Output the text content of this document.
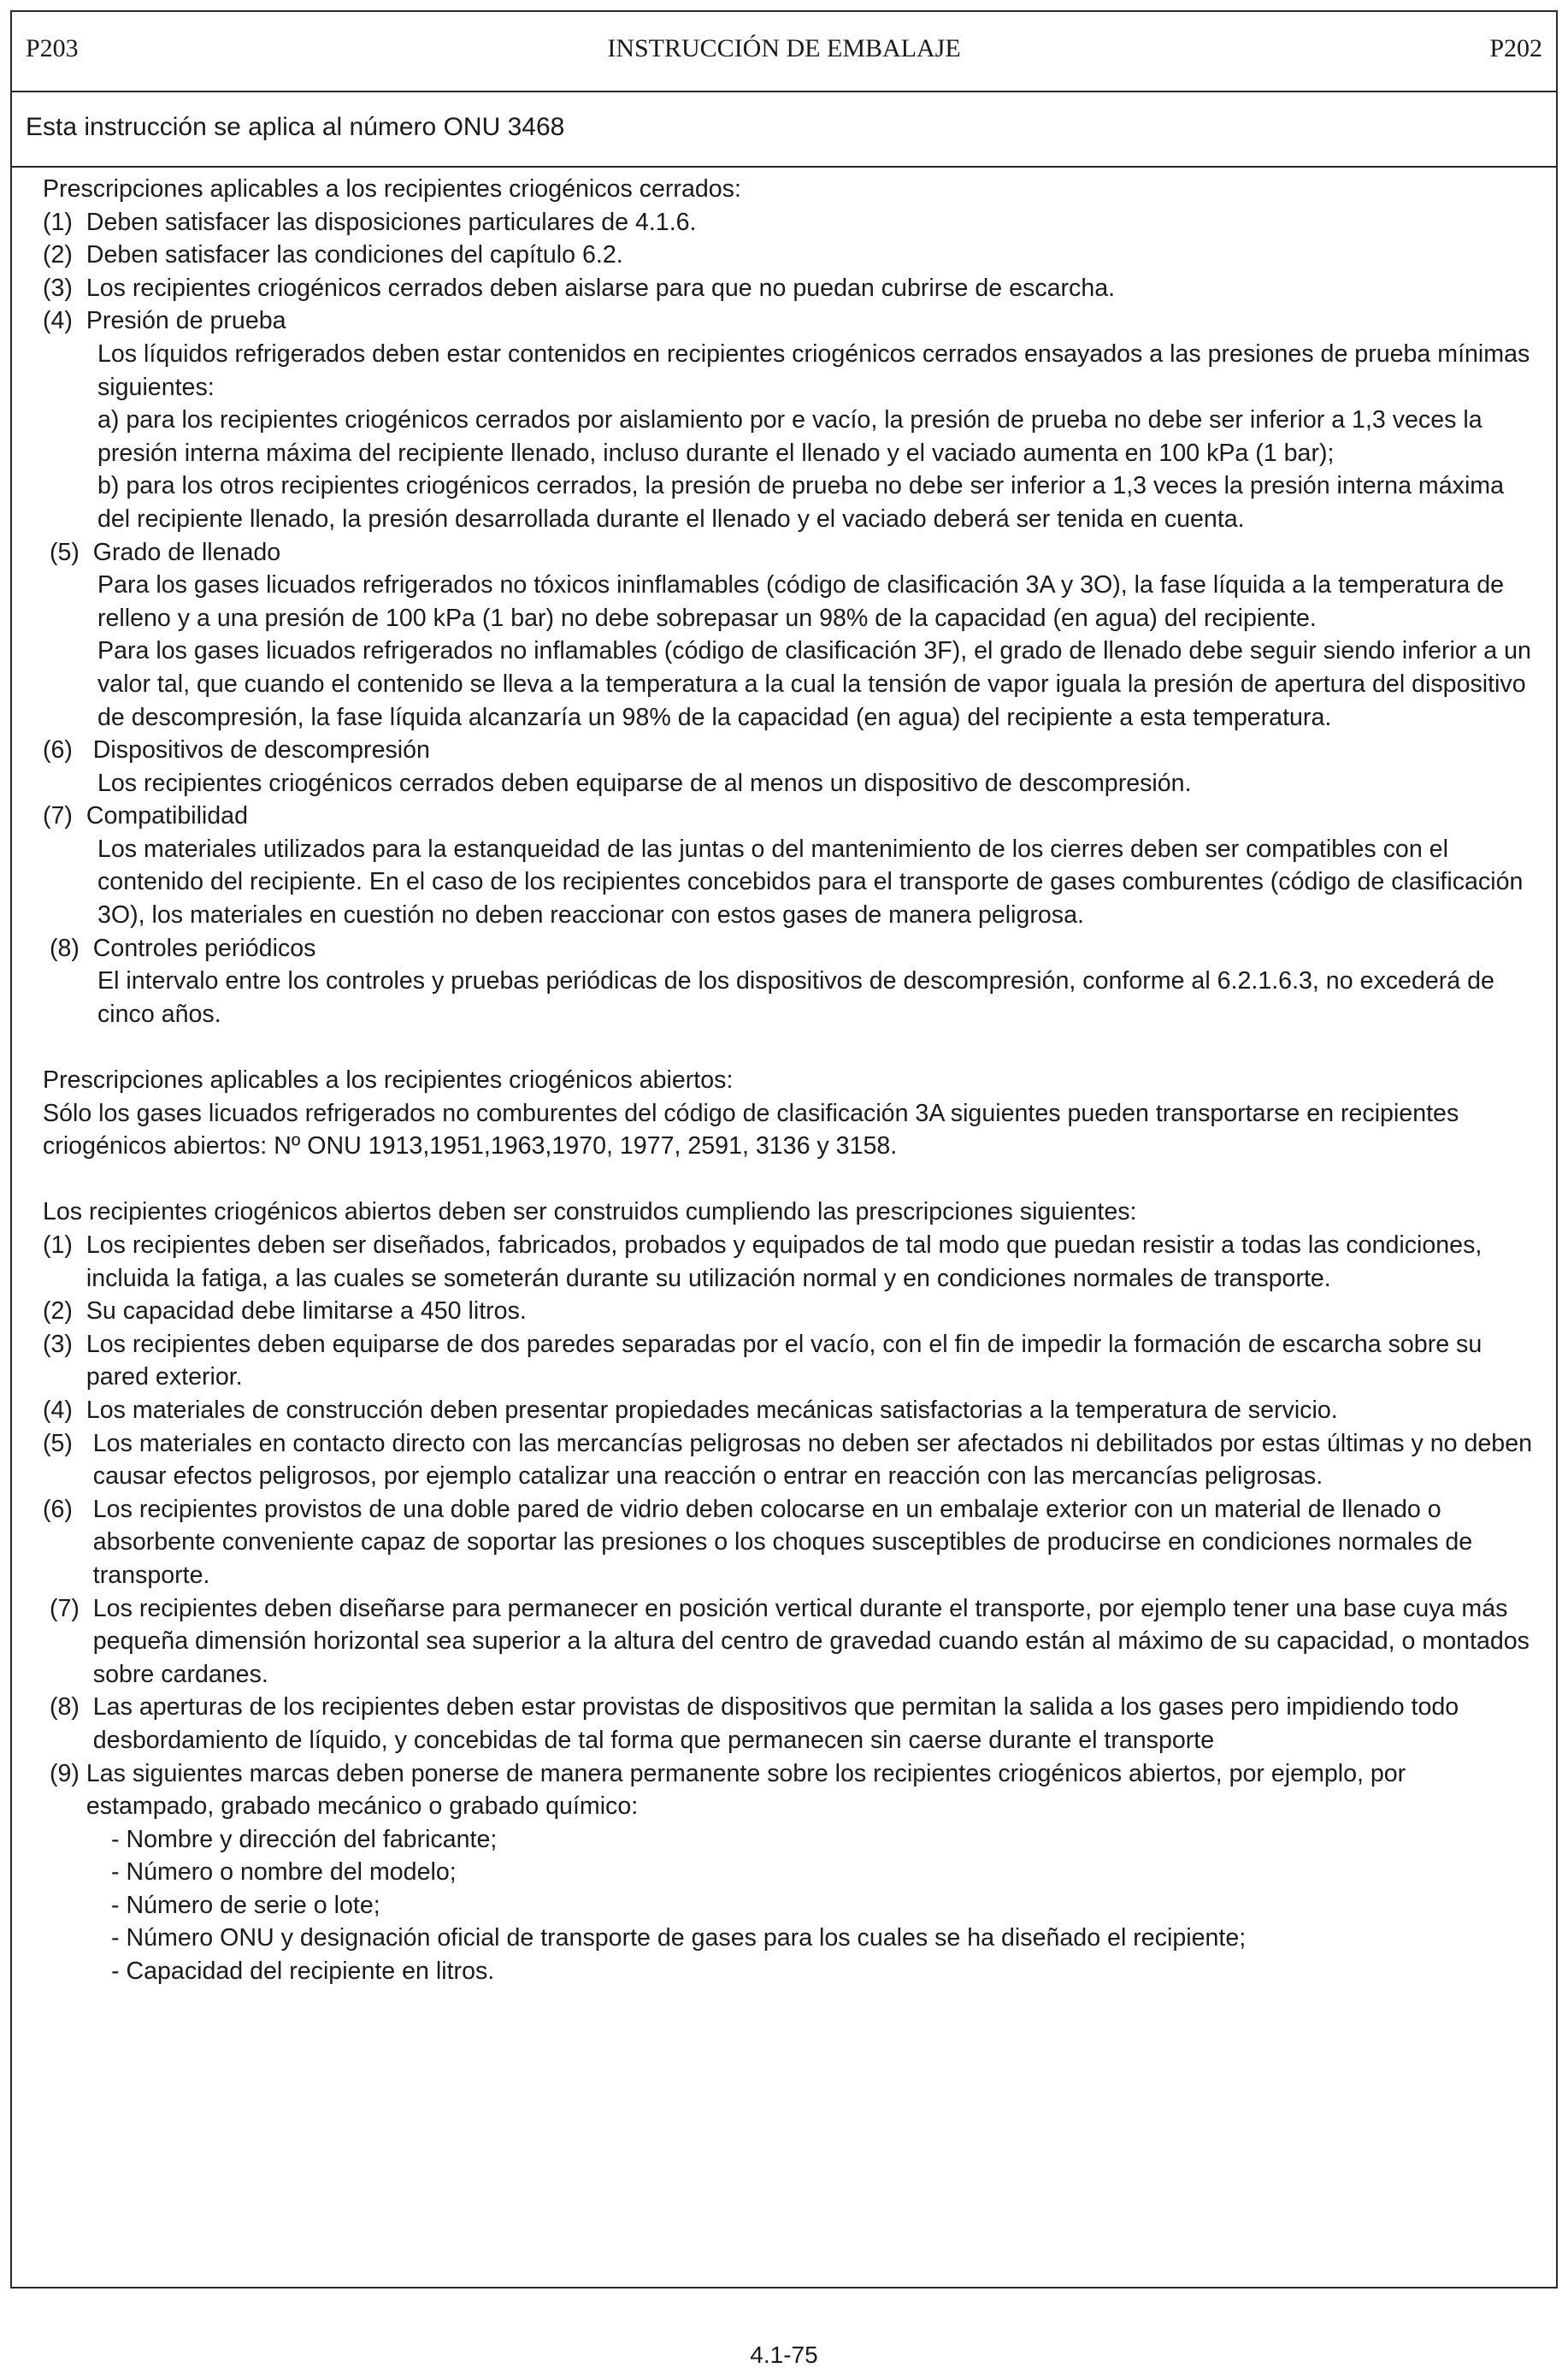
P203	INSTRUCCIÓN DE EMBALAJE	P202
Esta instrucción se aplica al número ONU 3468
Prescripciones aplicables a los recipientes criogénicos cerrados:
(1) Deben satisfacer las disposiciones particulares de 4.1.6.
(2) Deben satisfacer las condiciones del capítulo 6.2.
(3) Los recipientes criogénicos cerrados deben aislarse para que no puedan cubrirse de escarcha.
(4) Presión de prueba
Los líquidos refrigerados deben estar contenidos en recipientes criogénicos cerrados ensayados a las presiones de prueba mínimas siguientes:
a) para los recipientes criogénicos cerrados por aislamiento por e vacío, la presión de prueba no debe ser inferior a 1,3 veces la presión interna máxima del recipiente llenado, incluso durante el llenado y el vaciado aumenta en 100 kPa (1 bar);
b) para los otros recipientes criogénicos cerrados, la presión de prueba no debe ser inferior a 1,3 veces la presión interna máxima del recipiente llenado, la presión desarrollada durante el llenado y el vaciado deberá ser tenida en cuenta.
(5) Grado de llenado
Para los gases licuados refrigerados no tóxicos ininflamables (código de clasificación 3A y 3O), la fase líquida a la temperatura de relleno y a una presión de 100 kPa (1 bar) no debe sobrepasar un 98% de la capacidad (en agua) del recipiente.
Para los gases licuados refrigerados no inflamables (código de clasificación 3F), el grado de llenado debe seguir siendo inferior a un valor tal, que cuando el contenido se lleva a la temperatura a la cual la tensión de vapor iguala la presión de apertura del dispositivo de descompresión, la fase líquida alcanzaría un 98% de la capacidad (en agua) del recipiente a esta temperatura.
(6) Dispositivos de descompresión
Los recipientes criogénicos cerrados deben equiparse de al menos un dispositivo de descompresión.
(7) Compatibilidad
Los materiales utilizados para la estanqueidad de las juntas o del mantenimiento de los cierres deben ser compatibles con el contenido del recipiente. En el caso de los recipientes concebidos para el transporte de gases comburentes (código de clasificación 3O), los materiales en cuestión no deben reaccionar con estos gases de manera peligrosa.
(8) Controles periódicos
El intervalo entre los controles y pruebas periódicas de los dispositivos de descompresión, conforme al 6.2.1.6.3, no excederá de cinco años.
Prescripciones aplicables a los recipientes criogénicos abiertos:
Sólo los gases licuados refrigerados no comburentes del código de clasificación 3A siguientes pueden transportarse en recipientes criogénicos abiertos: Nº ONU 1913,1951,1963,1970, 1977, 2591, 3136 y 3158.
Los recipientes criogénicos abiertos deben ser construidos cumpliendo las prescripciones siguientes:
(1) Los recipientes deben ser diseñados, fabricados, probados y equipados de tal modo que puedan resistir a todas las condiciones, incluida la fatiga, a las cuales se someterán durante su utilización normal y en condiciones normales de transporte.
(2) Su capacidad debe limitarse a 450 litros.
(3) Los recipientes deben equiparse de dos paredes separadas por el vacío, con el fin de impedir la formación de escarcha sobre su pared exterior.
(4) Los materiales de construcción deben presentar propiedades mecánicas satisfactorias a la temperatura de servicio.
(5) Los materiales en contacto directo con las mercancías peligrosas no deben ser afectados ni debilitados por estas últimas y no deben causar efectos peligrosos, por ejemplo catalizar una reacción o entrar en reacción con las mercancías peligrosas.
(6) Los recipientes provistos de una doble pared de vidrio deben colocarse en un embalaje exterior con un material de llenado o absorbente conveniente capaz de soportar las presiones o los choques susceptibles de producirse en condiciones normales de transporte.
(7) Los recipientes deben diseñarse para permanecer en posición vertical durante el transporte, por ejemplo tener una base cuya más pequeña dimensión horizontal sea superior a la altura del centro de gravedad cuando están al máximo de su capacidad, o montados sobre cardanes.
(8) Las aperturas de los recipientes deben estar provistas de dispositivos que permitan la salida a los gases pero impidiendo todo desbordamiento de líquido, y concebidas de tal forma que permanecen sin caerse durante el transporte
(9) Las siguientes marcas deben ponerse de manera permanente sobre los recipientes criogénicos abiertos, por ejemplo, por estampado, grabado mecánico o grabado químico:
- Nombre y dirección del fabricante;
- Número o nombre del modelo;
- Número de serie o lote;
- Número ONU y designación oficial de transporte de gases para los cuales se ha diseñado el recipiente;
- Capacidad del recipiente en litros.
4.1-75
